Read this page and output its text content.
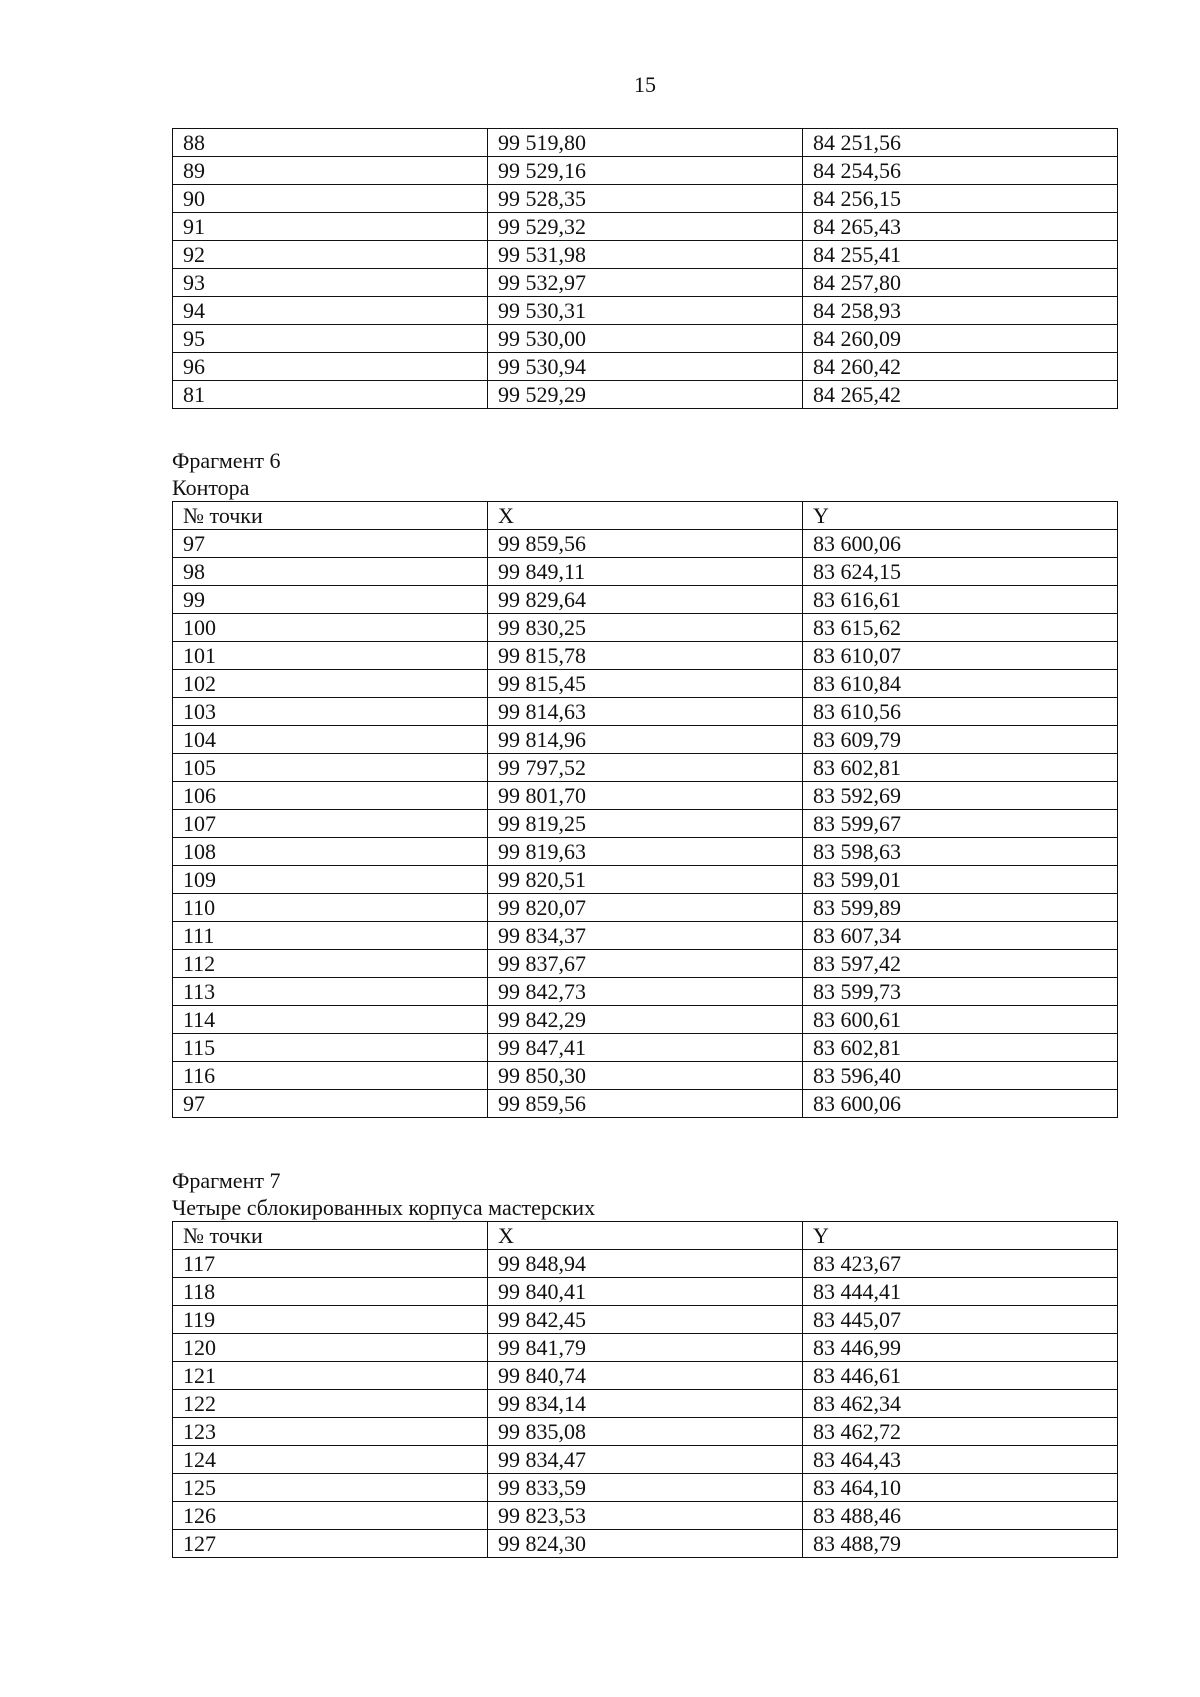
15
88	99 519,80	84 251,56
89	99 529,16	84 254,56
90	99 528,35	84 256,15
91	99 529,32	84 265,43
92	99 531,98	84 255,41
93	99 532,97	84 257,80
94	99 530,31	84 258,93
95	99 530,00	84 260,09
96	99 530,94	84 260,42
81	99 529,29	84 265,42
Фрагмент 6
Контора
№ точки	X	Y
97	99 859,56	83 600,06
98	99 849,11	83 624,15
99	99 829,64	83 616,61
100	99 830,25	83 615,62
101	99 815,78	83 610,07
102	99 815,45	83 610,84
103	99 814,63	83 610,56
104	99 814,96	83 609,79
105	99 797,52	83 602,81
106	99 801,70	83 592,69
107	99 819,25	83 599,67
108	99 819,63	83 598,63
109	99 820,51	83 599,01
110	99 820,07	83 599,89
111	99 834,37	83 607,34
112	99 837,67	83 597,42
113	99 842,73	83 599,73
114	99 842,29	83 600,61
115	99 847,41	83 602,81
116	99 850,30	83 596,40
97	99 859,56	83 600,06
Фрагмент 7
Четыре сблокированных корпуса мастерских
№ точки	X	Y
117	99 848,94	83 423,67
118	99 840,41	83 444,41
119	99 842,45	83 445,07
120	99 841,79	83 446,99
121	99 840,74	83 446,61
122	99 834,14	83 462,34
123	99 835,08	83 462,72
124	99 834,47	83 464,43
125	99 833,59	83 464,10
126	99 823,53	83 488,46
127	99 824,30	83 488,79
